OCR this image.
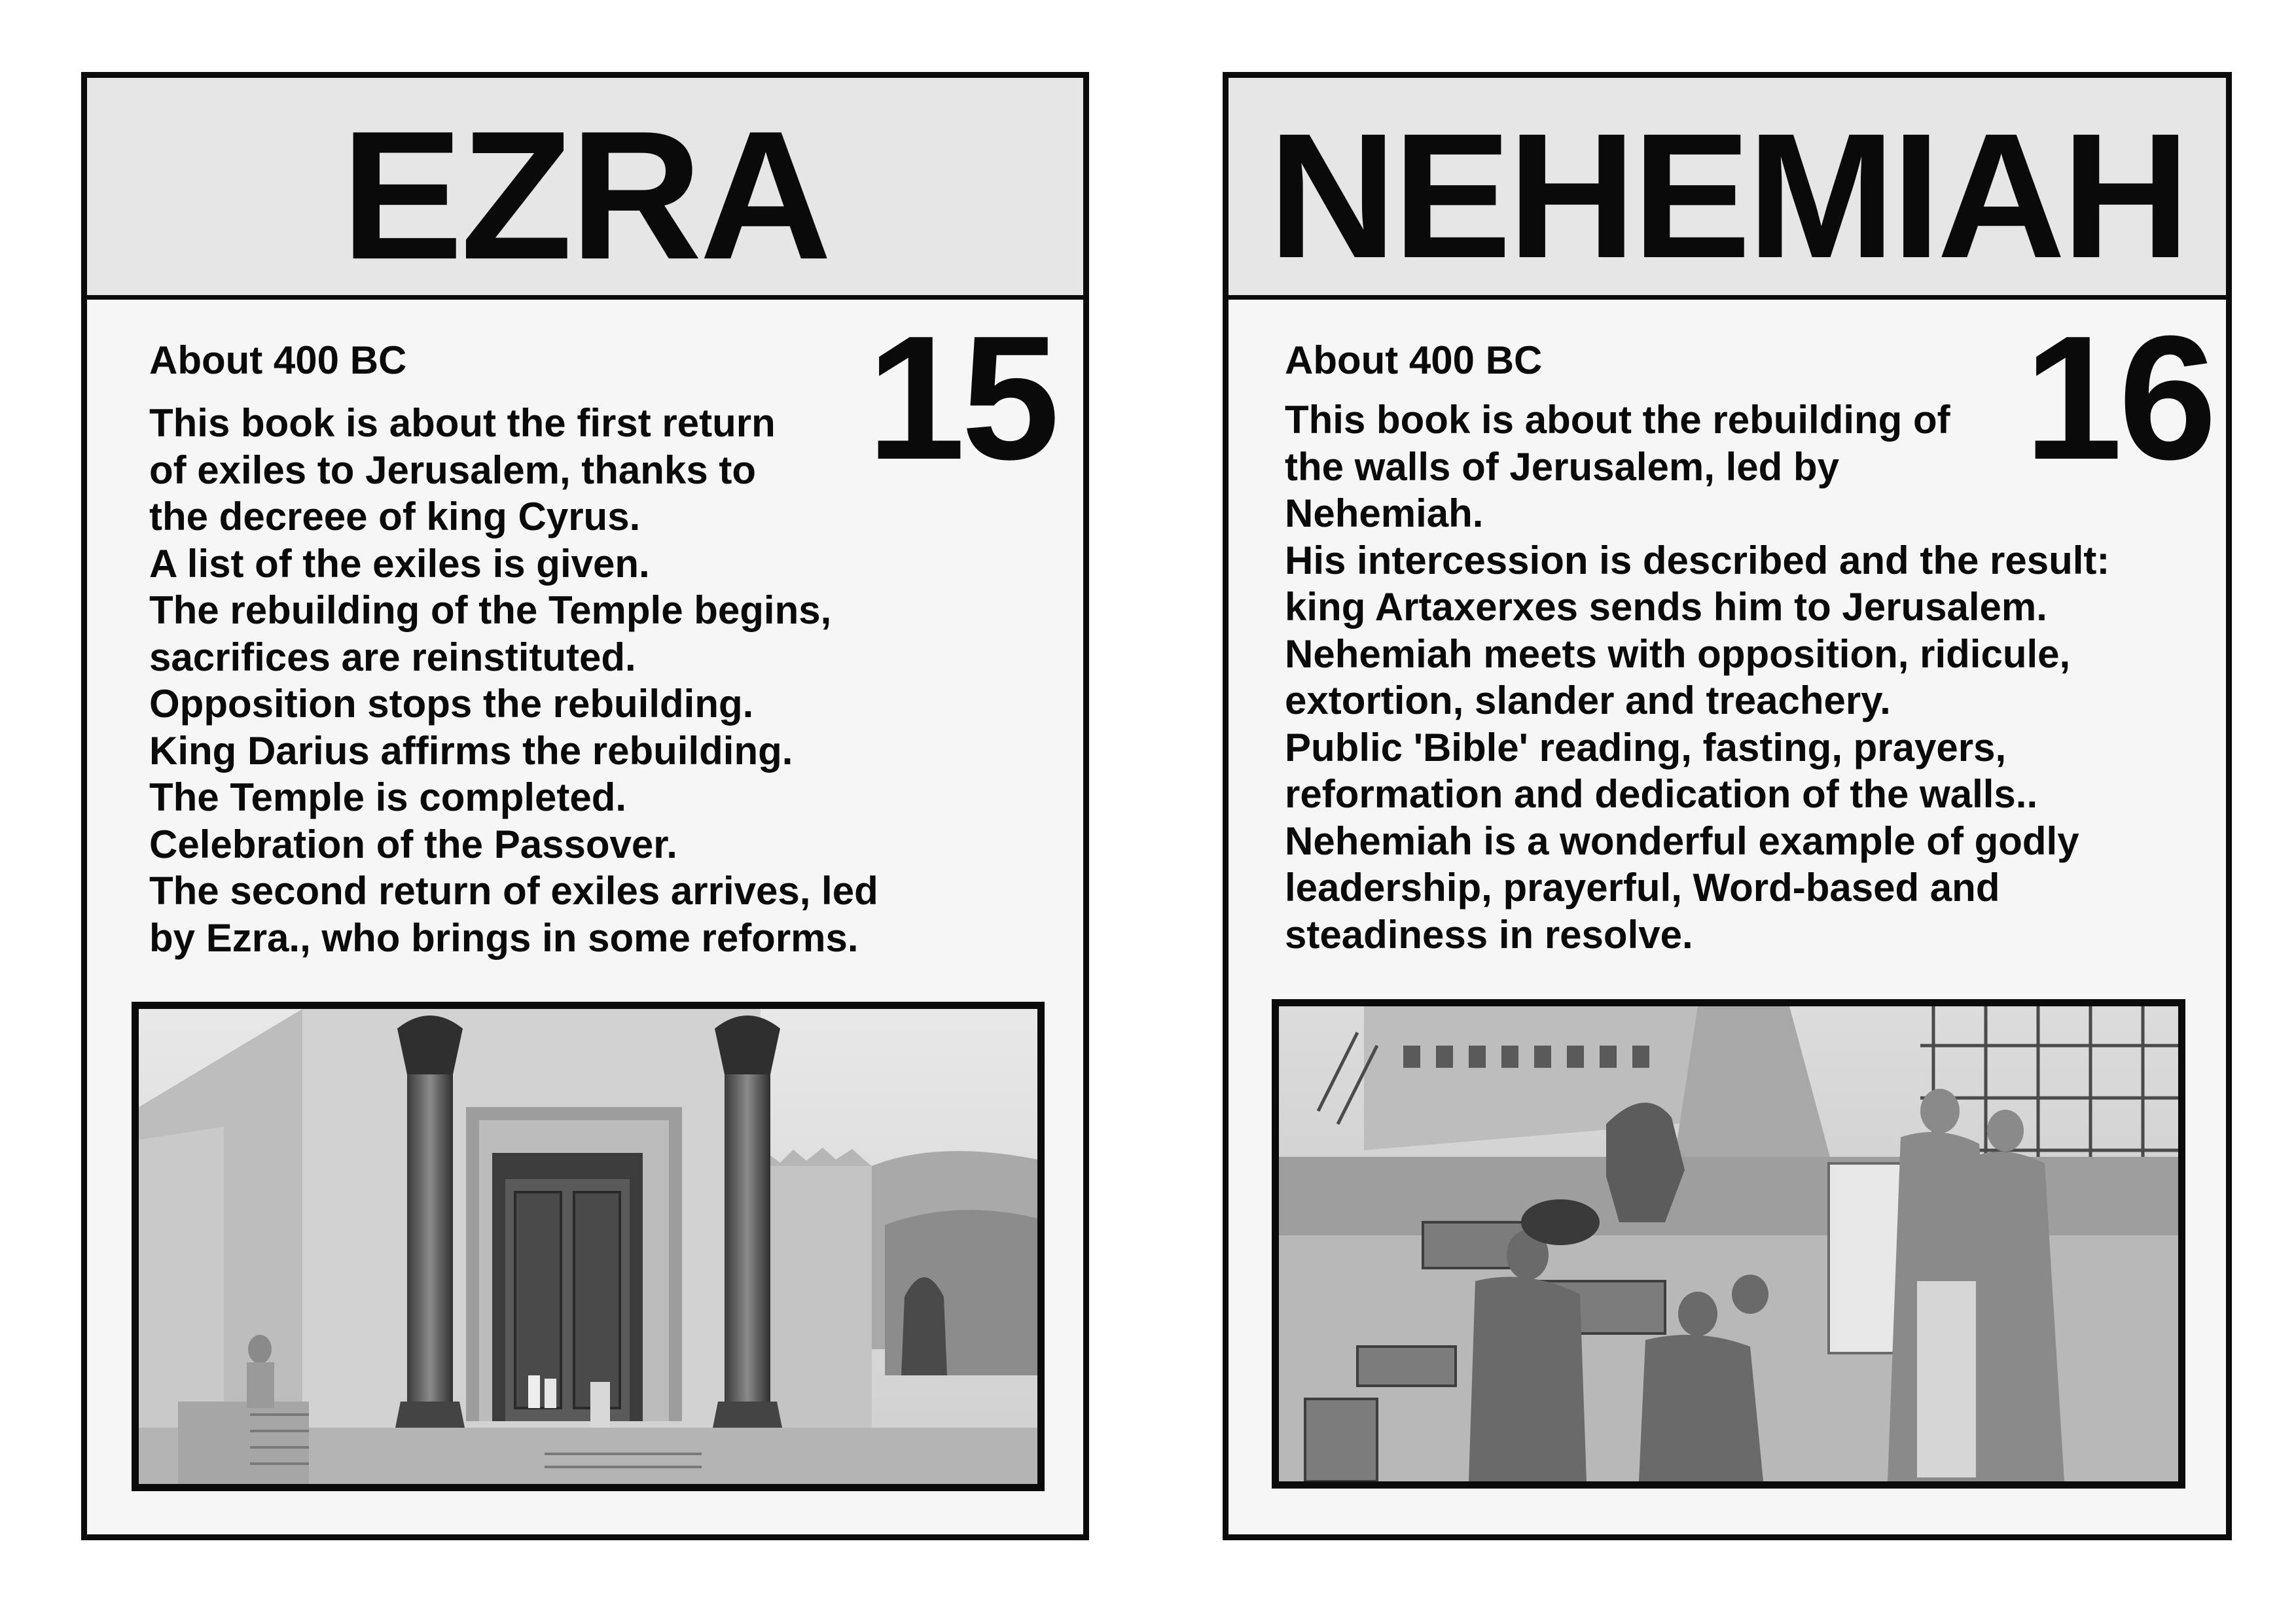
EZRA
15
About 400 BC
This book is about the first return
of exiles to Jerusalem, thanks to
the decreee of king Cyrus.
A list of the exiles is given.
The rebuilding of the Temple begins,
sacrifices are reinstituted.
Opposition stops the rebuilding.
King Darius affirms the rebuilding.
The Temple is completed.
Celebration of the Passover.
The second return of exiles arrives, led
by Ezra., who brings in some reforms.
NEHEMIAH
16
About 400 BC
This book is about the rebuilding of
the walls of Jerusalem, led by
Nehemiah.
His intercession is described and the result:
king Artaxerxes sends him to Jerusalem.
Nehemiah meets with opposition, ridicule,
extortion, slander and treachery.
Public 'Bible' reading, fasting, prayers,
reformation and dedication of the walls..
Nehemiah is a wonderful example of godly
leadership, prayerful, Word-based and
steadiness in resolve.
